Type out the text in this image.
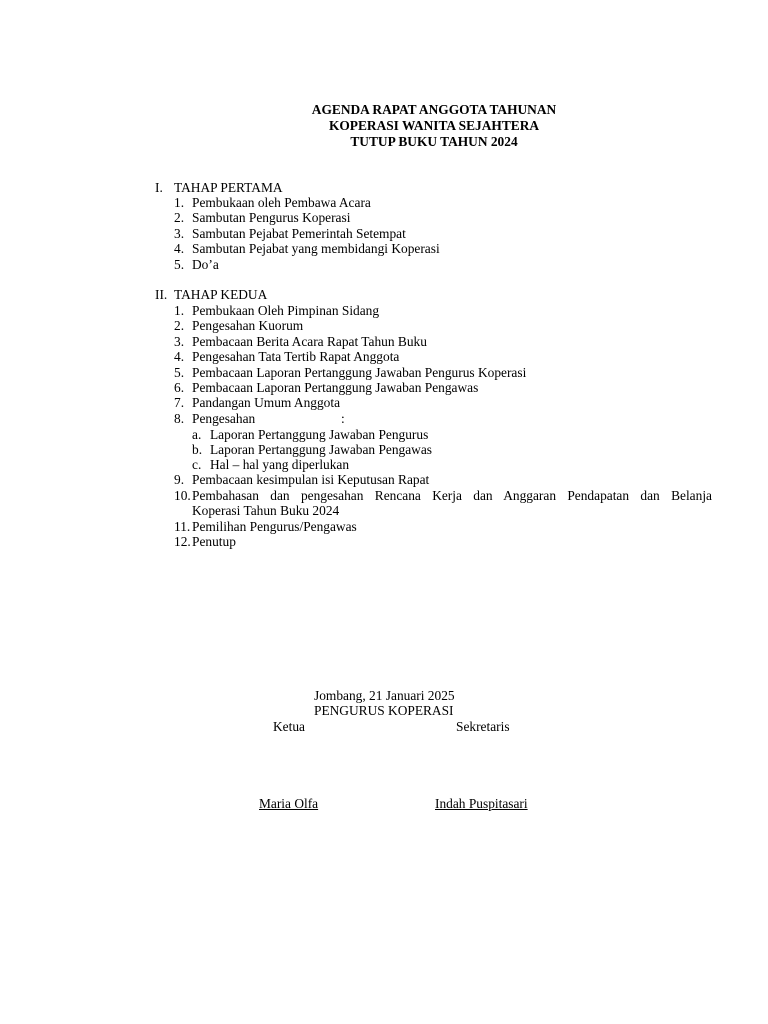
AGENDA RAPAT ANGGOTA TAHUNAN
KOPERASI WANITA SEJAHTERA
TUTUP BUKU TAHUN 2024
I. TAHAP PERTAMA
1. Pembukaan oleh Pembawa Acara
2. Sambutan Pengurus Koperasi
3. Sambutan Pejabat Pemerintah Setempat
4. Sambutan Pejabat yang membidangi Koperasi
5. Do’a
II. TAHAP KEDUA
1. Pembukaan Oleh Pimpinan Sidang
2. Pengesahan Kuorum
3. Pembacaan Berita Acara Rapat Tahun Buku
4. Pengesahan Tata Tertib Rapat Anggota
5. Pembacaan Laporan Pertanggung Jawaban Pengurus Koperasi
6. Pembacaan Laporan Pertanggung Jawaban Pengawas
7. Pandangan Umum Anggota
8. Pengesahan	:
a. Laporan Pertanggung Jawaban Pengurus
b. Laporan Pertanggung Jawaban Pengawas
c. Hal – hal yang diperlukan
9. Pembacaan kesimpulan isi Keputusan Rapat
10. Pembahasan dan pengesahan Rencana Kerja dan Anggaran Pendapatan dan Belanja
Koperasi Tahun Buku 2024
11. Pemilihan Pengurus/Pengawas
12. Penutup
Jombang, 21 Januari 2025
PENGURUS KOPERASI
Ketua	Sekretaris
Maria Olfa	Indah Puspitasari
